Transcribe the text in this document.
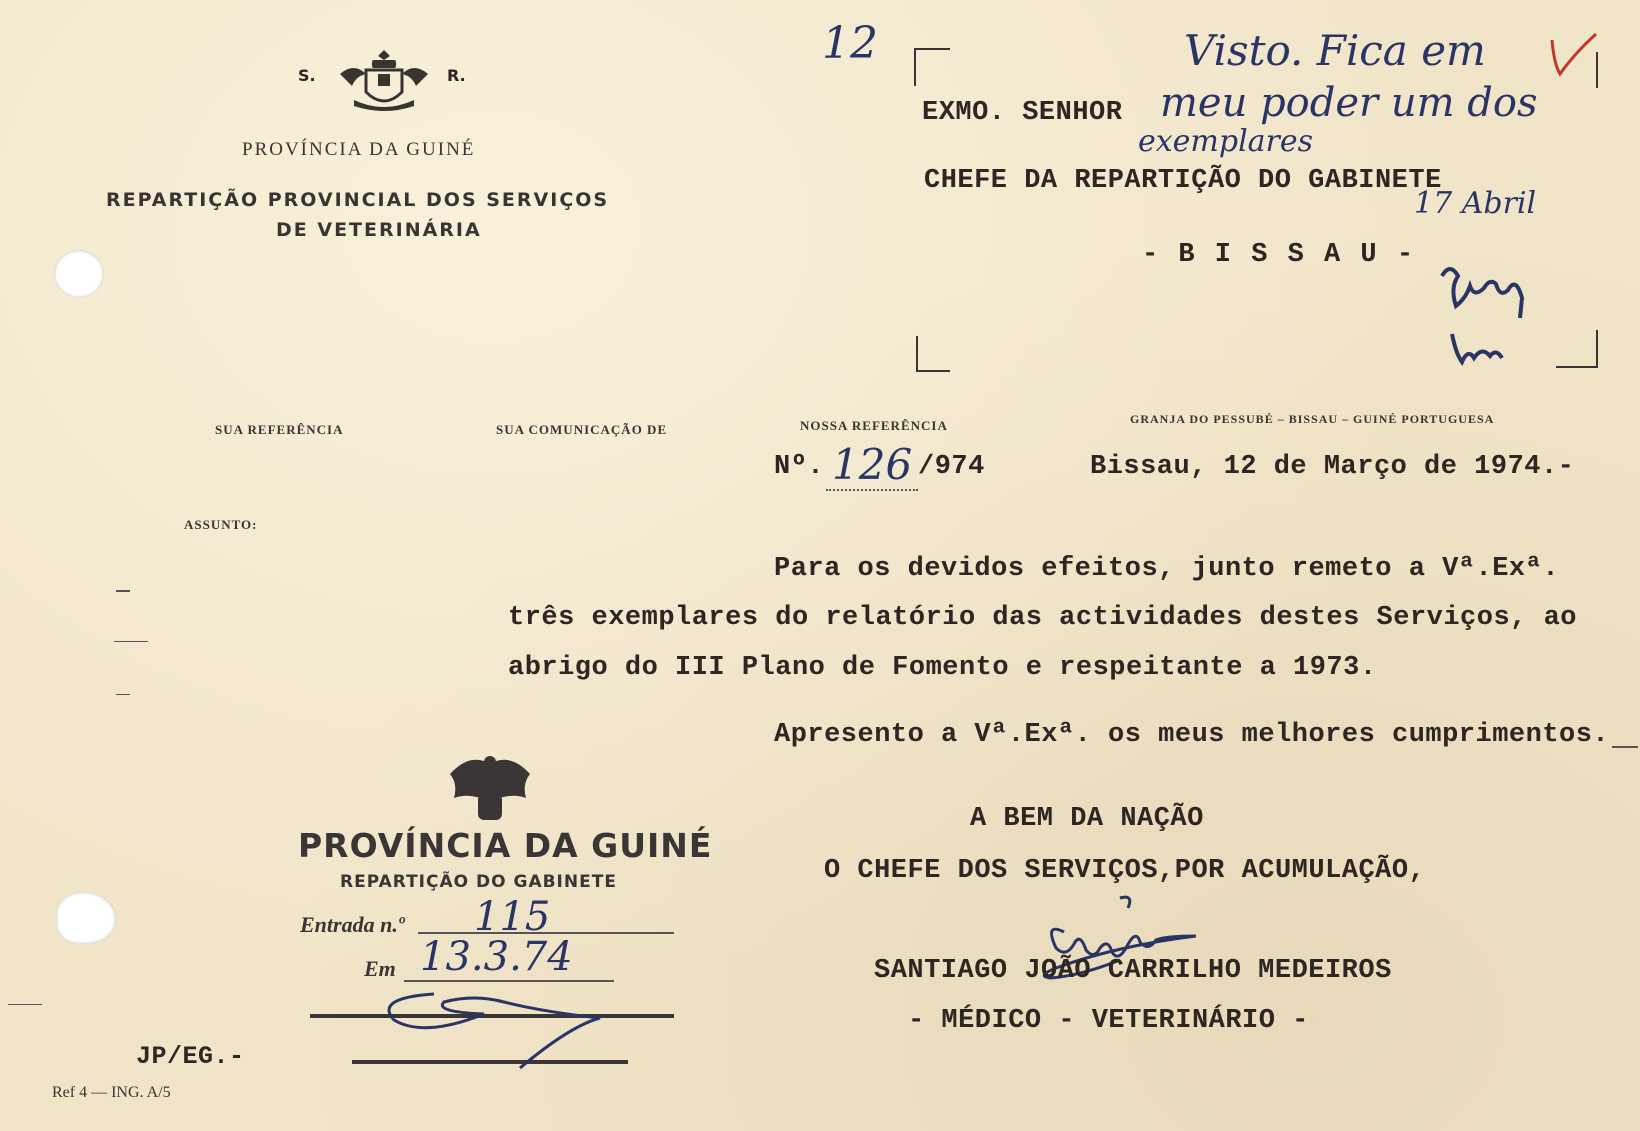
S.	R.
PROVÍNCIA DA GUINÉ
REPARTIÇÃO PROVINCIAL DOS SERVIÇOS
DE VETERINÁRIA
EXMO. SENHOR
CHEFE DA REPARTIÇÃO DO GABINETE
- B I S S A U -
12	Visto. Fica em
meu poder um dos
exemplares
17 Abril
SUA REFERÊNCIA	SUA COMUNICAÇÃO DE	NOSSA REFERÊNCIA	GRANJA DO PESSUBÉ – BISSAU – GUINÉ PORTUGUESA
Nº. 126 /974	Bissau, 12 de Março de 1974.-
ASSUNTO:
Para os devidos efeitos, junto remeto a Vª.Exª.
três exemplares do relatório das actividades destes Serviços, ao
abrigo do III Plano de Fomento e respeitante a 1973.
Apresento a Vª.Exª. os meus melhores cumprimentos.
A BEM DA NAÇÃO
O CHEFE DOS SERVIÇOS,POR ACUMULAÇÃO,
SANTIAGO JOÃO CARRILHO MEDEIROS
- MÉDICO - VETERINÁRIO -
PROVÍNCIA DA GUINÉ
REPARTIÇÃO DO GABINETE
Entrada n.º 115
Em 13.3.74
JP/EG.-
Ref 4 — ING. A/5
